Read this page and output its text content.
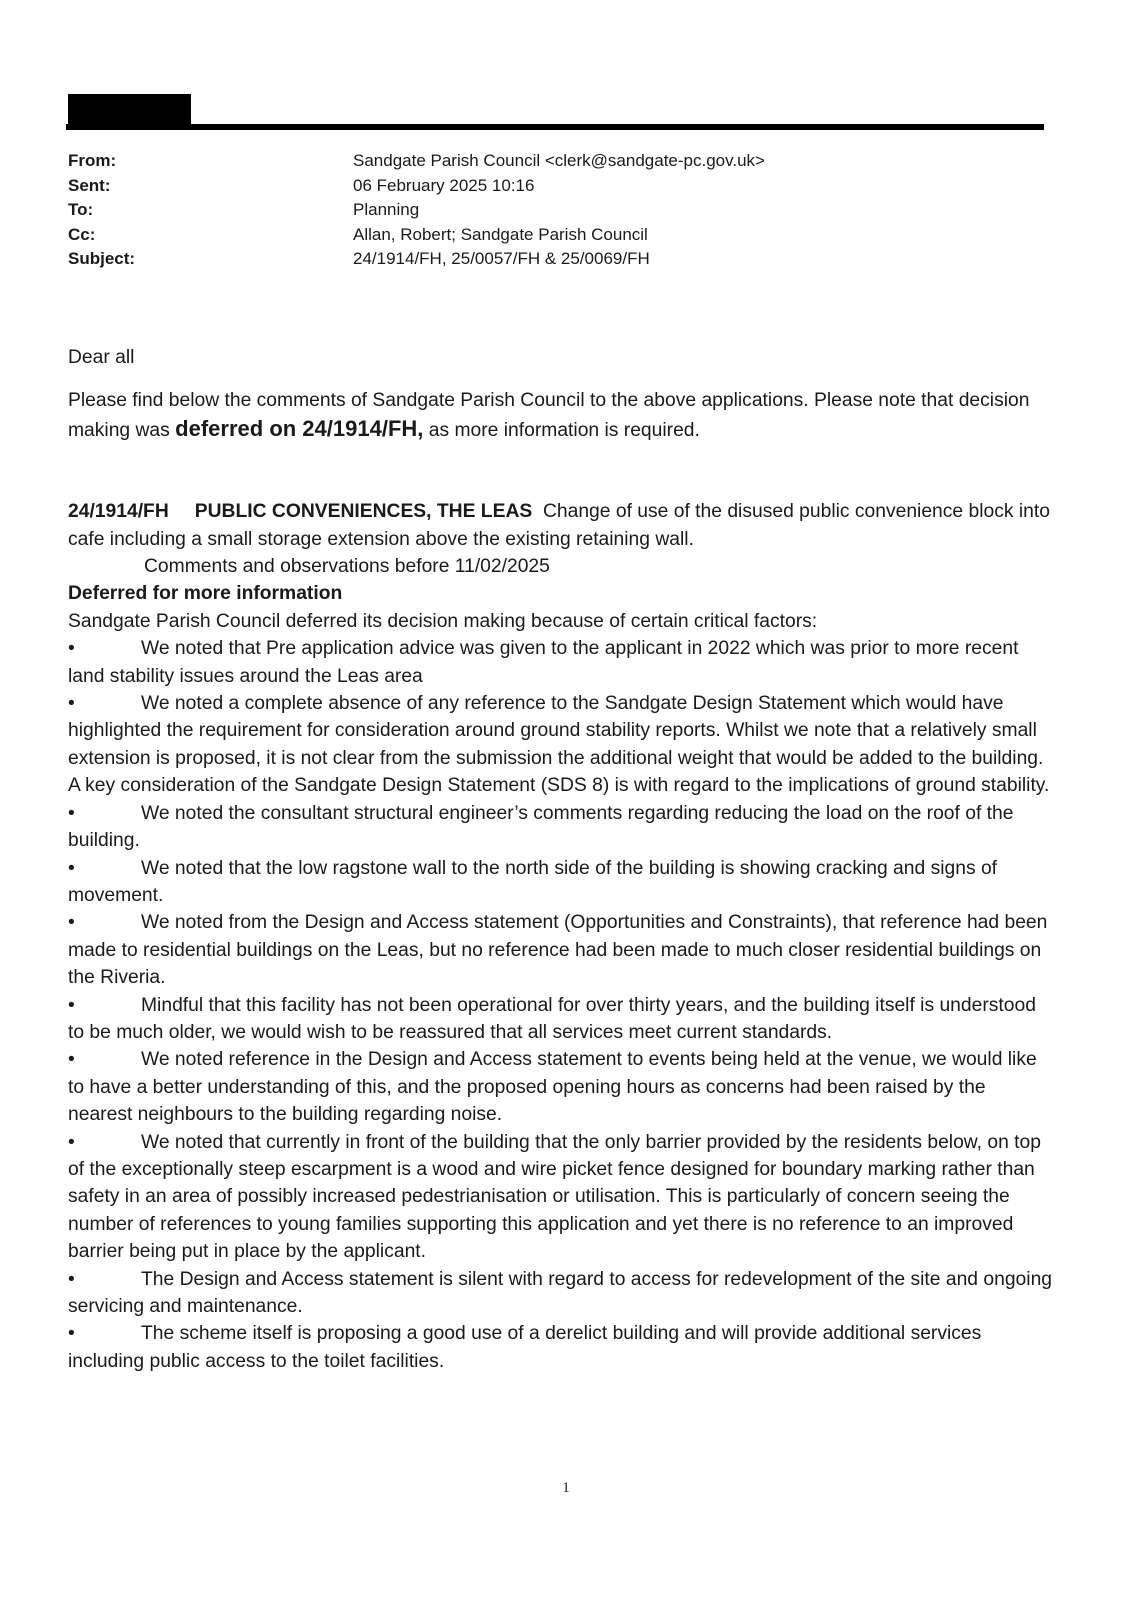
From:	Sandgate Parish Council <clerk@sandgate-pc.gov.uk>
Sent:	06 February 2025 10:16
To:	Planning
Cc:	Allan, Robert; Sandgate Parish Council
Subject:	24/1914/FH, 25/0057/FH & 25/0069/FH

Dear all

Please find below the comments of Sandgate Parish Council to the above applications. Please note that decision making was deferred on 24/1914/FH, as more information is required.

24/1914/FH PUBLIC CONVENIENCES, THE LEAS Change of use of the disused public convenience block into cafe including a small storage extension above the existing retaining wall.

Comments and observations before 11/02/2025

Deferred for more information

Sandgate Parish Council deferred its decision making because of certain critical factors:

•	We noted that Pre application advice was given to the applicant in 2022 which was prior to more recent land stability issues around the Leas area

•	We noted a complete absence of any reference to the Sandgate Design Statement which would have highlighted the requirement for consideration around ground stability reports. Whilst we note that a relatively small extension is proposed, it is not clear from the submission the additional weight that would be added to the building. A key consideration of the Sandgate Design Statement (SDS 8) is with regard to the implications of ground stability.

•	We noted the consultant structural engineer’s comments regarding reducing the load on the roof of the building.

•	We noted that the low ragstone wall to the north side of the building is showing cracking and signs of movement.

•	We noted from the Design and Access statement (Opportunities and Constraints), that reference had been made to residential buildings on the Leas, but no reference had been made to much closer residential buildings on the Riveria.

•	Mindful that this facility has not been operational for over thirty years, and the building itself is understood to be much older, we would wish to be reassured that all services meet current standards.

•	We noted reference in the Design and Access statement to events being held at the venue, we would like to have a better understanding of this, and the proposed opening hours as concerns had been raised by the nearest neighbours to the building regarding noise.

•	We noted that currently in front of the building that the only barrier provided by the residents below, on top of the exceptionally steep escarpment is a wood and wire picket fence designed for boundary marking rather than safety in an area of possibly increased pedestrianisation or utilisation. This is particularly of concern seeing the number of references to young families supporting this application and yet there is no reference to an improved barrier being put in place by the applicant.

•	The Design and Access statement is silent with regard to access for redevelopment of the site and ongoing servicing and maintenance.

•	The scheme itself is proposing a good use of a derelict building and will provide additional services including public access to the toilet facilities.

1
